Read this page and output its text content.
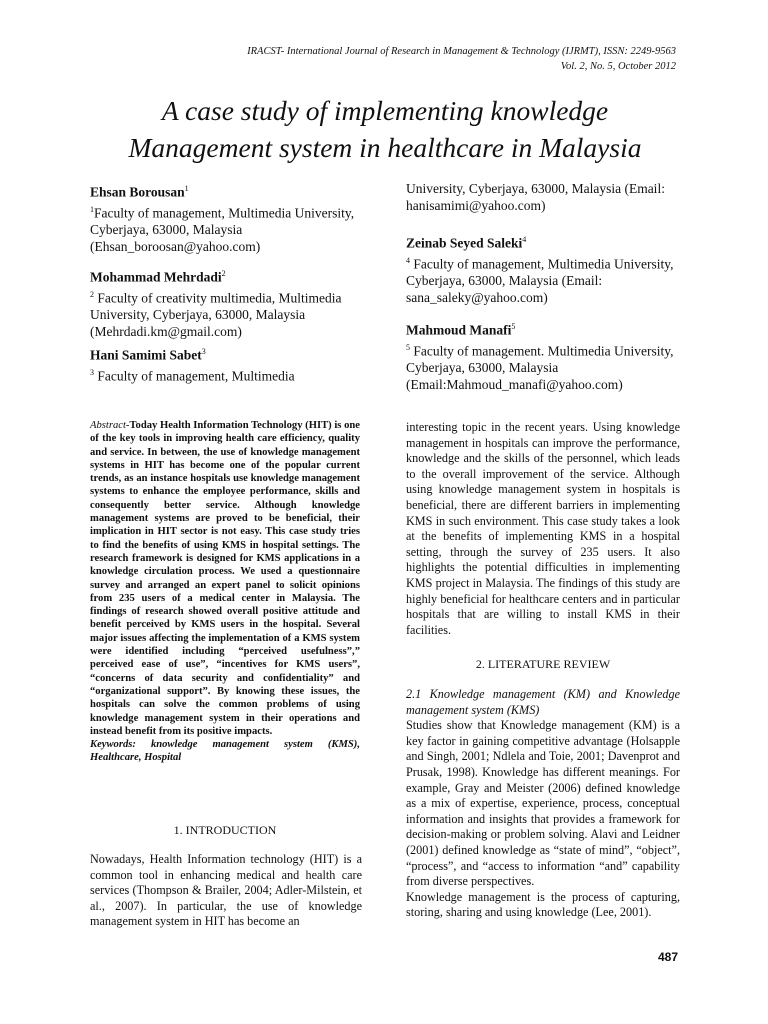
IRACST- International Journal of Research in Management & Technology (IJRMT), ISSN: 2249-9563
Vol. 2, No. 5, October 2012
A case study of implementing knowledge
Management system in healthcare in Malaysia
Ehsan Borousan$^1$
$^1$Faculty of management, Multimedia University, Cyberjaya, 63000, Malaysia (Ehsan_boroosan@yahoo.com)
Mohammad Mehrdadi$^2$
$^2$ Faculty of creativity multimedia, Multimedia University, Cyberjaya, 63000, Malaysia (Mehrdadi.km@gmail.com)
Hani Samimi Sabet$^3$
$^3$ Faculty of management, Multimedia
University, Cyberjaya, 63000, Malaysia (Email: hanisamimi@yahoo.com)
Zeinab Seyed Saleki$^4$
$^4$ Faculty of management, Multimedia University, Cyberjaya, 63000, Malaysia (Email: sana_saleky@yahoo.com)
Mahmoud Manafi$^5$
$^5$ Faculty of management. Multimedia University, Cyberjaya, 63000, Malaysia (Email:Mahmoud_manafi@yahoo.com)
Abstract-Today Health Information Technology (HIT) is one of the key tools in improving health care efficiency, quality and service. In between, the use of knowledge management systems in HIT has become one of the popular current trends, as an instance hospitals use knowledge management systems to enhance the employee performance, skills and consequently better service. Although knowledge management systems are proved to be beneficial, their implication in HIT sector is not easy. This case study tries to find the benefits of using KMS in hospital settings. The research framework is designed for KMS applications in a knowledge circulation process. We used a questionnaire survey and arranged an expert panel to solicit opinions from 235 users of a medical center in Malaysia. The findings of research showed overall positive attitude and benefit perceived by KMS users in the hospital. Several major issues affecting the implementation of a KMS system were identified including “perceived usefulness”,” perceived ease of use”, “incentives for KMS users”, “concerns of data security and confidentiality” and “organizational support”. By knowing these issues, the hospitals can solve the common problems of using knowledge management system in their operations and instead benefit from its positive impacts.
Keywords: knowledge management system (KMS), Healthcare, Hospital
1. INTRODUCTION
Nowadays, Health Information technology (HIT) is a common tool in enhancing medical and health care services (Thompson & Brailer, 2004; Adler-Milstein, et al., 2007). In particular, the use of knowledge management system in HIT has become an
interesting topic in the recent years. Using knowledge management in hospitals can improve the performance, knowledge and the skills of the personnel, which leads to the overall improvement of the service. Although using knowledge management system in hospitals is beneficial, there are different barriers in implementing KMS in such environment. This case study takes a look at the benefits of implementing KMS in a hospital setting, through the survey of 235 users. It also highlights the potential difficulties in implementing KMS project in Malaysia. The findings of this study are highly beneficial for healthcare centers and in particular hospitals that are willing to install KMS in their facilities.
2. LITERATURE REVIEW
2.1 Knowledge management (KM) and Knowledge management system (KMS)
Studies show that Knowledge management (KM) is a key factor in gaining competitive advantage (Holsapple and Singh, 2001; Ndlela and Toie, 2001; Davenprot and Prusak, 1998). Knowledge has different meanings. For example, Gray and Meister (2006) defined knowledge as a mix of expertise, experience, process, conceptual information and insights that provides a framework for decision-making or problem solving. Alavi and Leidner (2001) defined knowledge as “state of mind”, “object”, “process”, and “access to information “and” capability from diverse perspectives.
Knowledge management is the process of capturing, storing, sharing and using knowledge (Lee, 2001).
487
